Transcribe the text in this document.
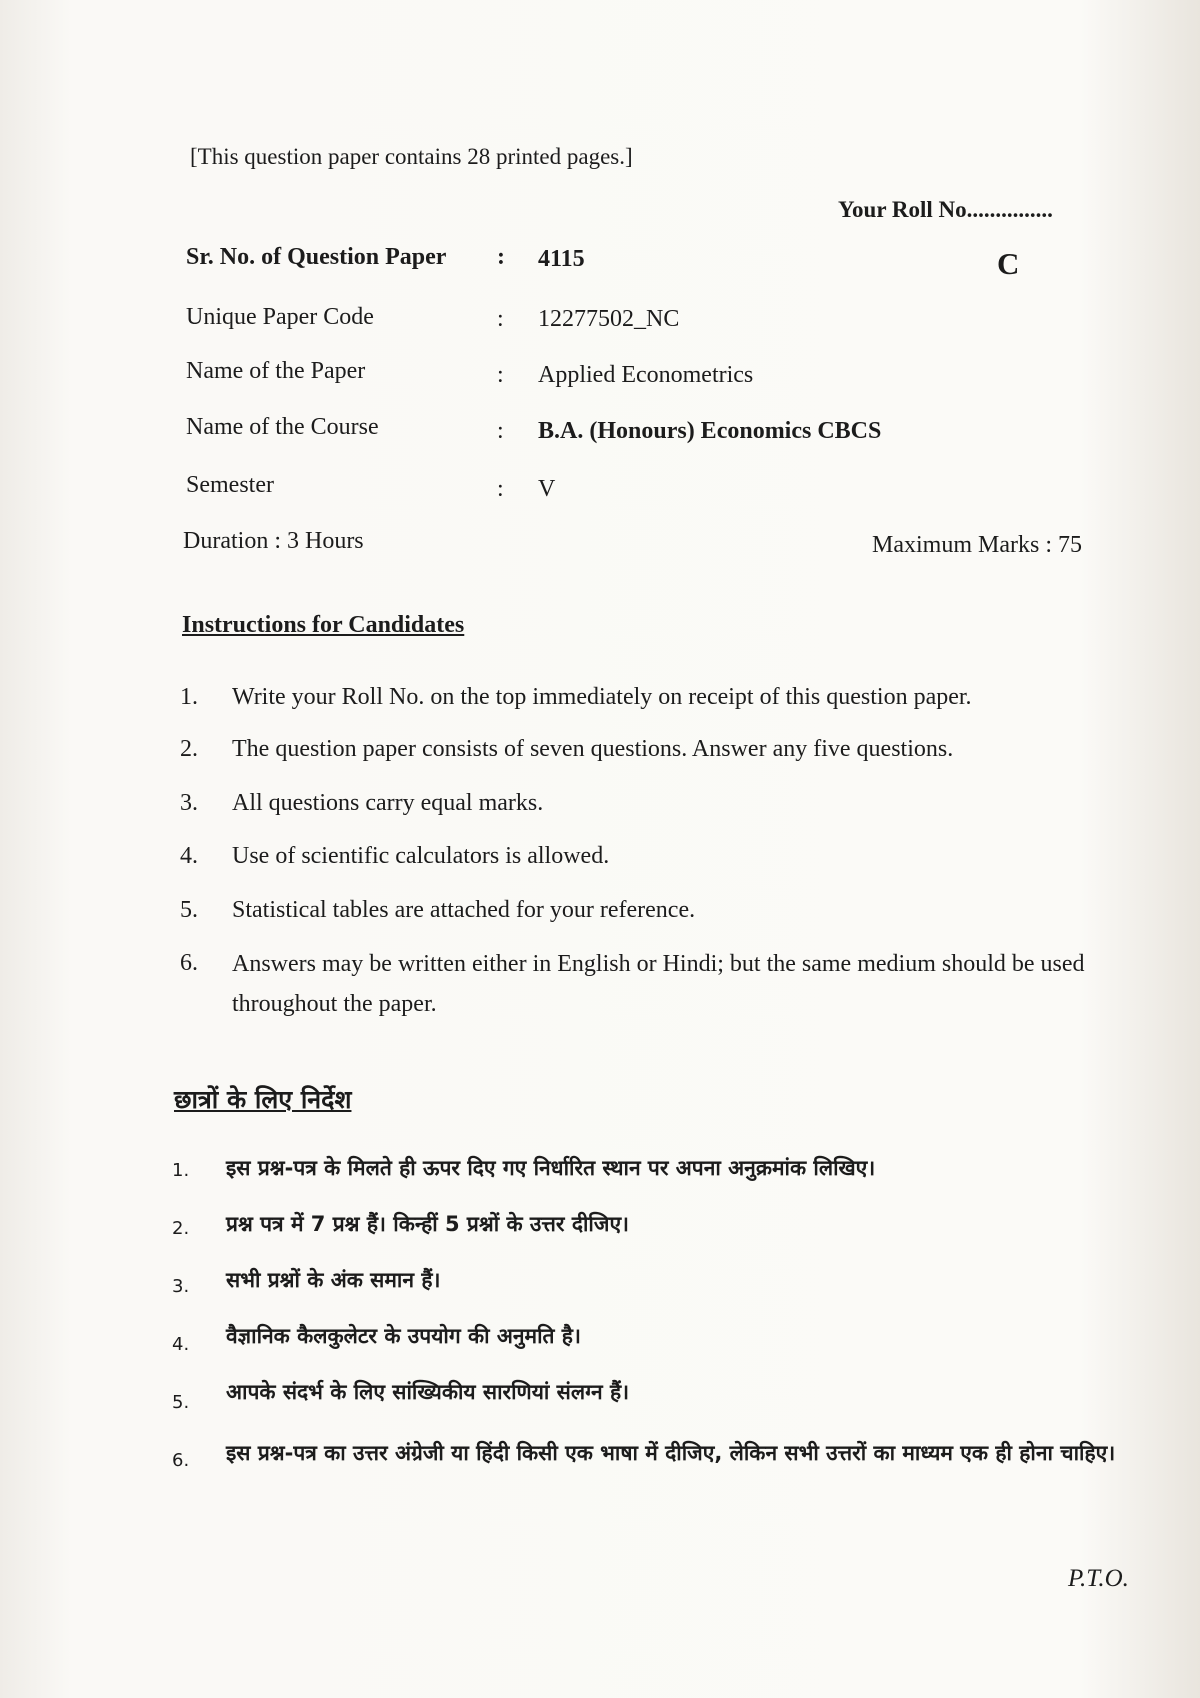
[This question paper contains 28 printed pages.]
Your Roll No...............
C
Sr. No. of Question Paper : 4115
Unique Paper Code	: 12277502_NC
Name of the Paper	: Applied Econometrics
Name of the Course	: B.A. (Honours) Economics CBCS
Semester	: V
Duration : 3 Hours	Maximum Marks : 75
Instructions for Candidates
1. Write your Roll No. on the top immediately on receipt of this question paper.
2. The question paper consists of seven questions. Answer any five questions.
3. All questions carry equal marks.
4. Use of scientific calculators is allowed.
5. Statistical tables are attached for your reference.
6. Answers may be written either in English or Hindi; but the same medium should be used throughout the paper.
छात्रों के लिए निर्देश
1. इस प्रश्न-पत्र के मिलते ही ऊपर दिए गए निर्धारित स्थान पर अपना अनुक्रमांक लिखिए।
2. प्रश्न पत्र में 7 प्रश्न हैं। किन्हीं 5 प्रश्नों के उत्तर दीजिए।
3. सभी प्रश्नों के अंक समान हैं।
4. वैज्ञानिक कैलकुलेटर के उपयोग की अनुमति है।
5. आपके संदर्भ के लिए सांख्यिकीय सारणियां संलग्न हैं।
6. इस प्रश्न-पत्र का उत्तर अंग्रेजी या हिंदी किसी एक भाषा में दीजिए, लेकिन सभी उत्तरों का माध्यम एक ही होना चाहिए।
P.T.O.
